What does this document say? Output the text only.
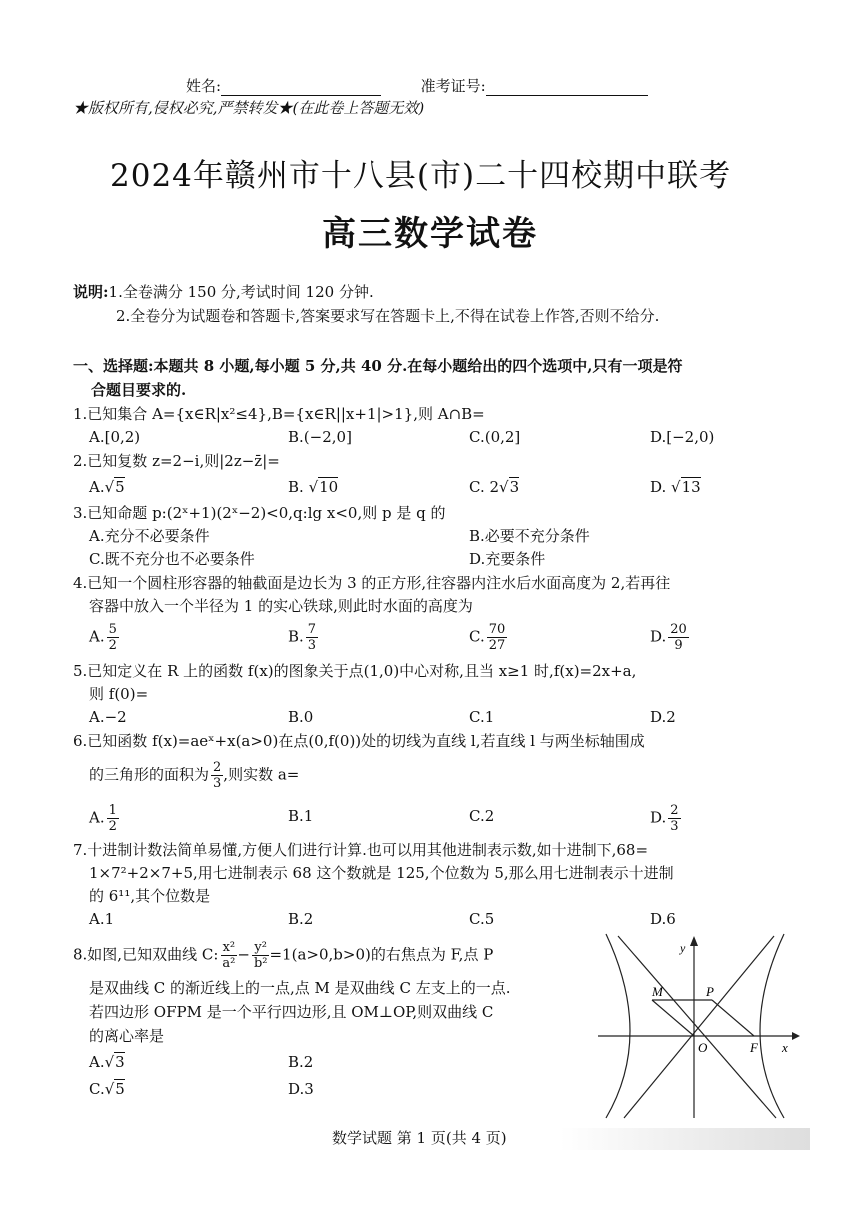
姓名:	准考证号:
★版权所有,侵权必究,严禁转发★(在此卷上答题无效)
2024年赣州市十八县(市)二十四校期中联考
高三数学试卷
说明:1.全卷满分 150 分,考试时间 120 分钟.
2.全卷分为试题卷和答题卡,答案要求写在答题卡上,不得在试卷上作答,否则不给分.
一、选择题:本题共 8 小题,每小题 5 分,共 40 分.在每小题给出的四个选项中,只有一项是符
合题目要求的.
1.已知集合 A={x∈R|x²≤4},B={x∈R||x+1|>1},则 A∩B=
A.[0,2)	B.(−2,0]	C.(0,2]	D.[−2,0)
2.已知复数 z=2−i,则|2z−z̄|=
A.√5	B. √10	C. 2√3	D. √13
3.已知命题 p:(2ˣ+1)(2ˣ−2)<0,q:lg x<0,则 p 是 q 的
A.充分不必要条件	B.必要不充分条件
C.既不充分也不必要条件	D.充要条件
4.已知一个圆柱形容器的轴截面是边长为 3 的正方形,往容器内注水后水面高度为 2,若再往
容器中放入一个半径为 1 的实心铁球,则此时水面的高度为
A. $\frac{5}{2}$	B. $\frac{7}{3}$	C. $\frac{70}{27}$	D. $\frac{20}{9}$
5.已知定义在 R 上的函数 f(x)的图象关于点(1,0)中心对称,且当 x≥1 时,f(x)=2x+a,
则 f(0)=
A.−2	B.0	C.1	D.2
6.已知函数 f(x)=aeˣ+x(a>0)在点(0,f(0))处的切线为直线 l,若直线 l 与两坐标轴围成
的三角形的面积为 $\frac{2}{3}$ ,则实数 a=
A. $\frac{1}{2}$	B.1	C.2	D. $\frac{2}{3}$
7.十进制计数法简单易懂,方便人们进行计算.也可以用其他进制表示数,如十进制下,68=
1×7²+2×7+5,用七进制表示 68 这个数就是 125,个位数为 5,那么用七进制表示十进制
的 6¹¹,其个位数是
A.1	B.2	C.5	D.6
8.如图,已知双曲线 C: $\frac{\text{x²}}{\text{a²}} - \frac{\text{y²}}{\text{b²}} =1(a>0,b>0)$的右焦点为 F,点 P
是双曲线 C 的渐近线上的一点,点 M 是双曲线 C 左支上的一点.
若四边形 OFPM 是一个平行四边形,且 OM⊥OP,则双曲线 C
的离心率是
A.√3	B.2
C.√5	D.3
y
x
M	P
O	F
数学试题 第 1 页(共 4 页)
